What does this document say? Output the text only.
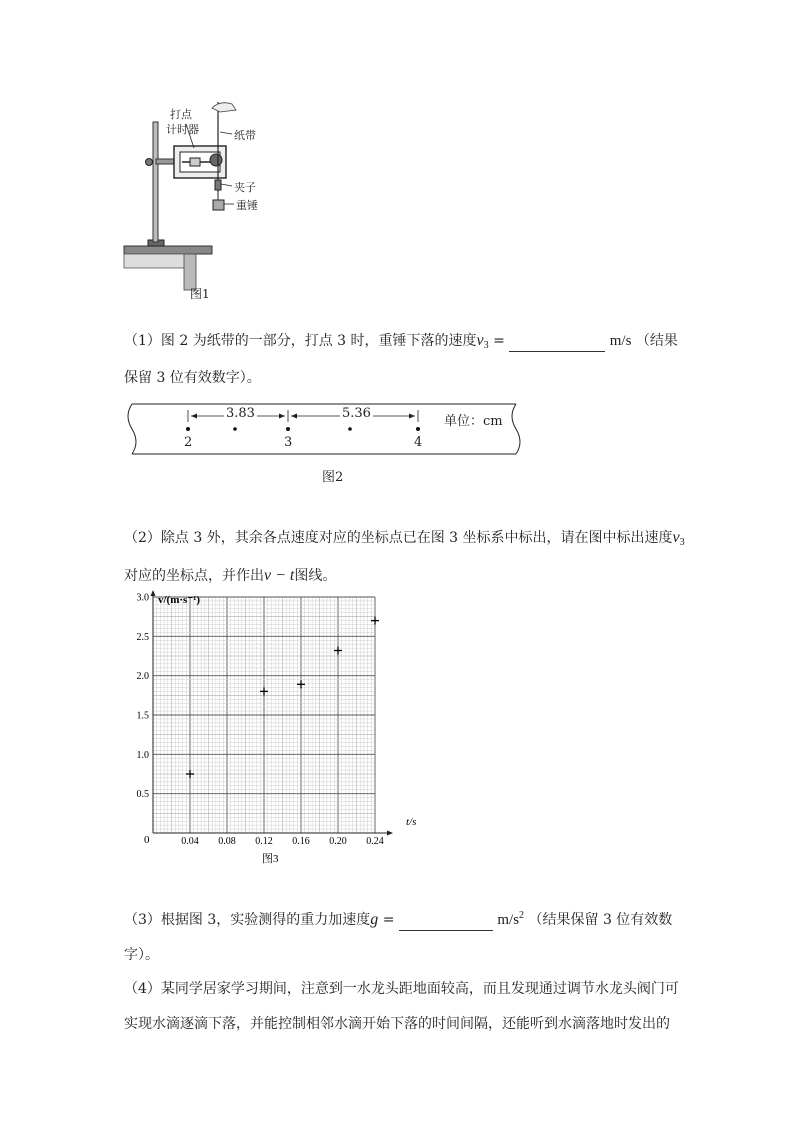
打点
计时器	纸带
夹子
重锤
图1
（1）图 2 为纸带的一部分，打点 3 时，重锤下落的速度$v_3$ =	m/s （结果
保留 3 位有效数字）。
3.83	5.36
单位：cm
2	3	4
图2
（2）除点 3 外，其余各点速度对应的坐标点已在图 3 坐标系中标出，请在图中标出速度$v_3$
对应的坐标点，并作出v − t图线。
0.04 0.08 0.12 0.16 0.20 0.24
0.5
1.0
1.5
2.0
2.5
3.0 v/(m·s⁻¹)
t/s
0
图3
（3）根据图 3，实验测得的重力加速度g =	$m/s^2$ （结果保留 3 位有效数
字）。
（4）某同学居家学习期间，注意到一水龙头距地面较高，而且发现通过调节水龙头阀门可
实现水滴逐滴下落，并能控制相邻水滴开始下落的时间间隔，还能听到水滴落地时发出的
